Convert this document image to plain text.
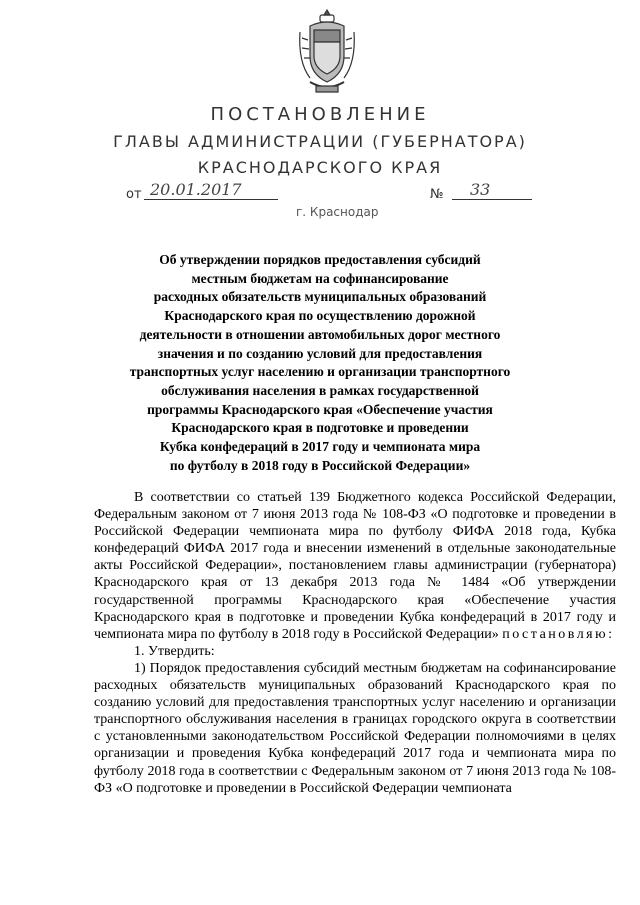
ПОСТАНОВЛЕНИЕ
ГЛАВЫ АДМИНИСТРАЦИИ (ГУБЕРНАТОРА)
КРАСНОДАРСКОГО КРАЯ
от 20.01.2017	№	33
г. Краснодар
Об утверждении порядков предоставления субсидий
местным бюджетам на софинансирование
расходных обязательств муниципальных образований
Краснодарского края по осуществлению дорожной
деятельности в отношении автомобильных дорог местного
значения и по созданию условий для предоставления
транспортных услуг населению и организации транспортного
обслуживания населения в рамках государственной
программы Краснодарского края «Обеспечение участия
Краснодарского края в подготовке и проведении
Кубка конфедераций в 2017 году и чемпионата мира
по футболу в 2018 году в Российской Федерации»

В соответствии со статьей 139 Бюджетного кодекса Российской Федерации, Федеральным законом от 7 июня 2013 года № 108-ФЗ «О подготовке и проведении в Российской Федерации чемпионата мира по футболу ФИФА 2018 года, Кубка конфедераций ФИФА 2017 года и внесении изменений в отдельные законодательные акты Российской Федерации», постановлением главы администрации (губернатора) Краснодарского края от 13 декабря 2013 года № 1484 «Об утверждении государственной программы Краснодарского края «Обеспечение участия Краснодарского края в подготовке и проведении Кубка конфедераций в 2017 году и чемпионата мира по футболу в 2018 году в Российской Федерации» постановляю:

1. Утвердить:

1) Порядок предоставления субсидий местным бюджетам на софинансирование расходных обязательств муниципальных образований Краснодарского края по созданию условий для предоставления транспортных услуг населению и организации транспортного обслуживания населения в границах городского округа в соответствии с установленными законодательством Российской Федерации полномочиями в целях организации и проведения Кубка конфедераций 2017 года и чемпионата мира по футболу 2018 года в соответствии с Федеральным законом от 7 июня 2013 года № 108-ФЗ «О подготовке и проведении в Российской Федерации чемпионата
